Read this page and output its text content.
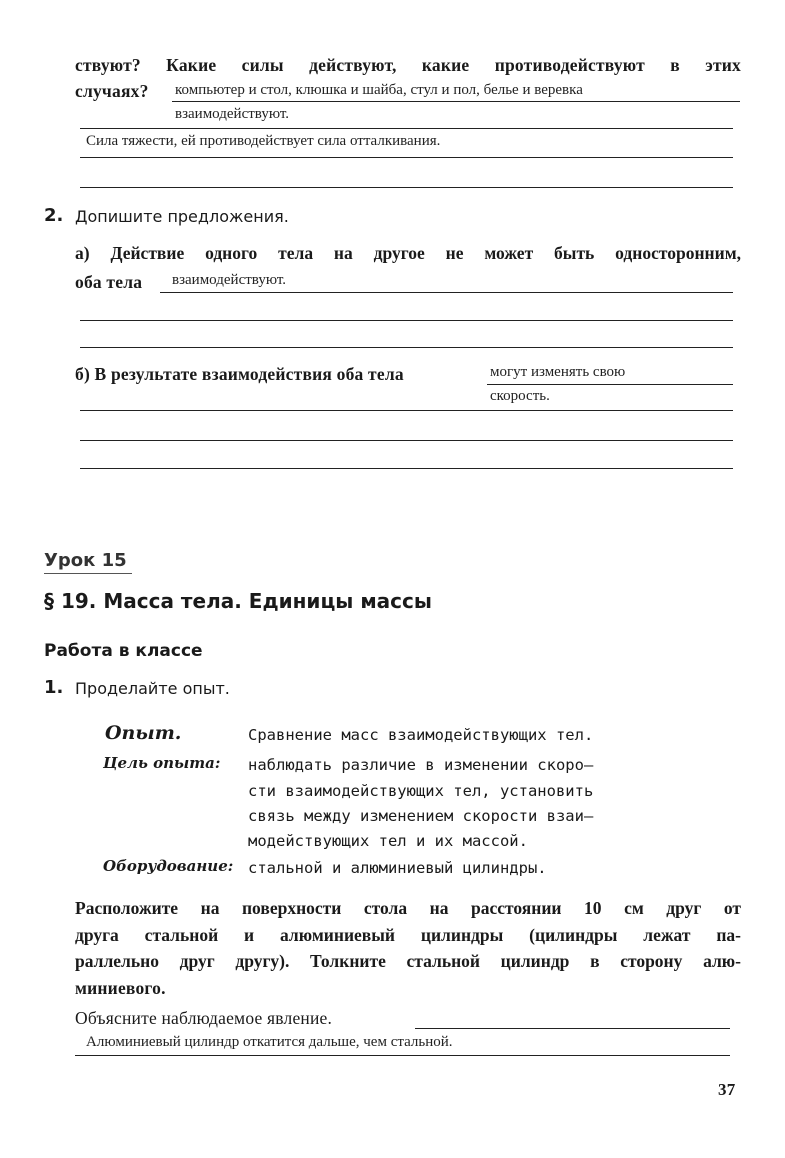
ствуют? Какие силы действуют, какие противодействуют в этих
случаях? компьютер и стол, клюшка и шайба, стул и пол, белье и веревка
взаимодействуют.
Сила тяжести, ей противодействует сила отталкивания.
2. Допишите предложения.
а) Действие одного тела на другое не может быть односторонним,
оба тела взаимодействуют.
б) В результате взаимодействия оба тела	могут изменять свою
скорость.
Урок 15
§ 19. Масса тела. Единицы массы
Работа в классе
1. Проделайте опыт.
Опыт.	Сравнение масс взаимодействующих тел.
Цель опыта: наблюдать различие в изменении скоро–
сти взаимодействующих тел, установить
связь между изменением скорости взаи–
модействующих тел и их массой.
Оборудование: стальной и алюминиевый цилиндры.
Расположите на поверхности стола на расстоянии 10 см друг от
друга стальной и алюминиевый цилиндры (цилиндры лежат па-
раллельно друг другу). Толкните стальной цилиндр в сторону алю-
миниевого.
Объясните наблюдаемое явление.
Алюминиевый цилиндр откатится дальше, чем стальной.
37
